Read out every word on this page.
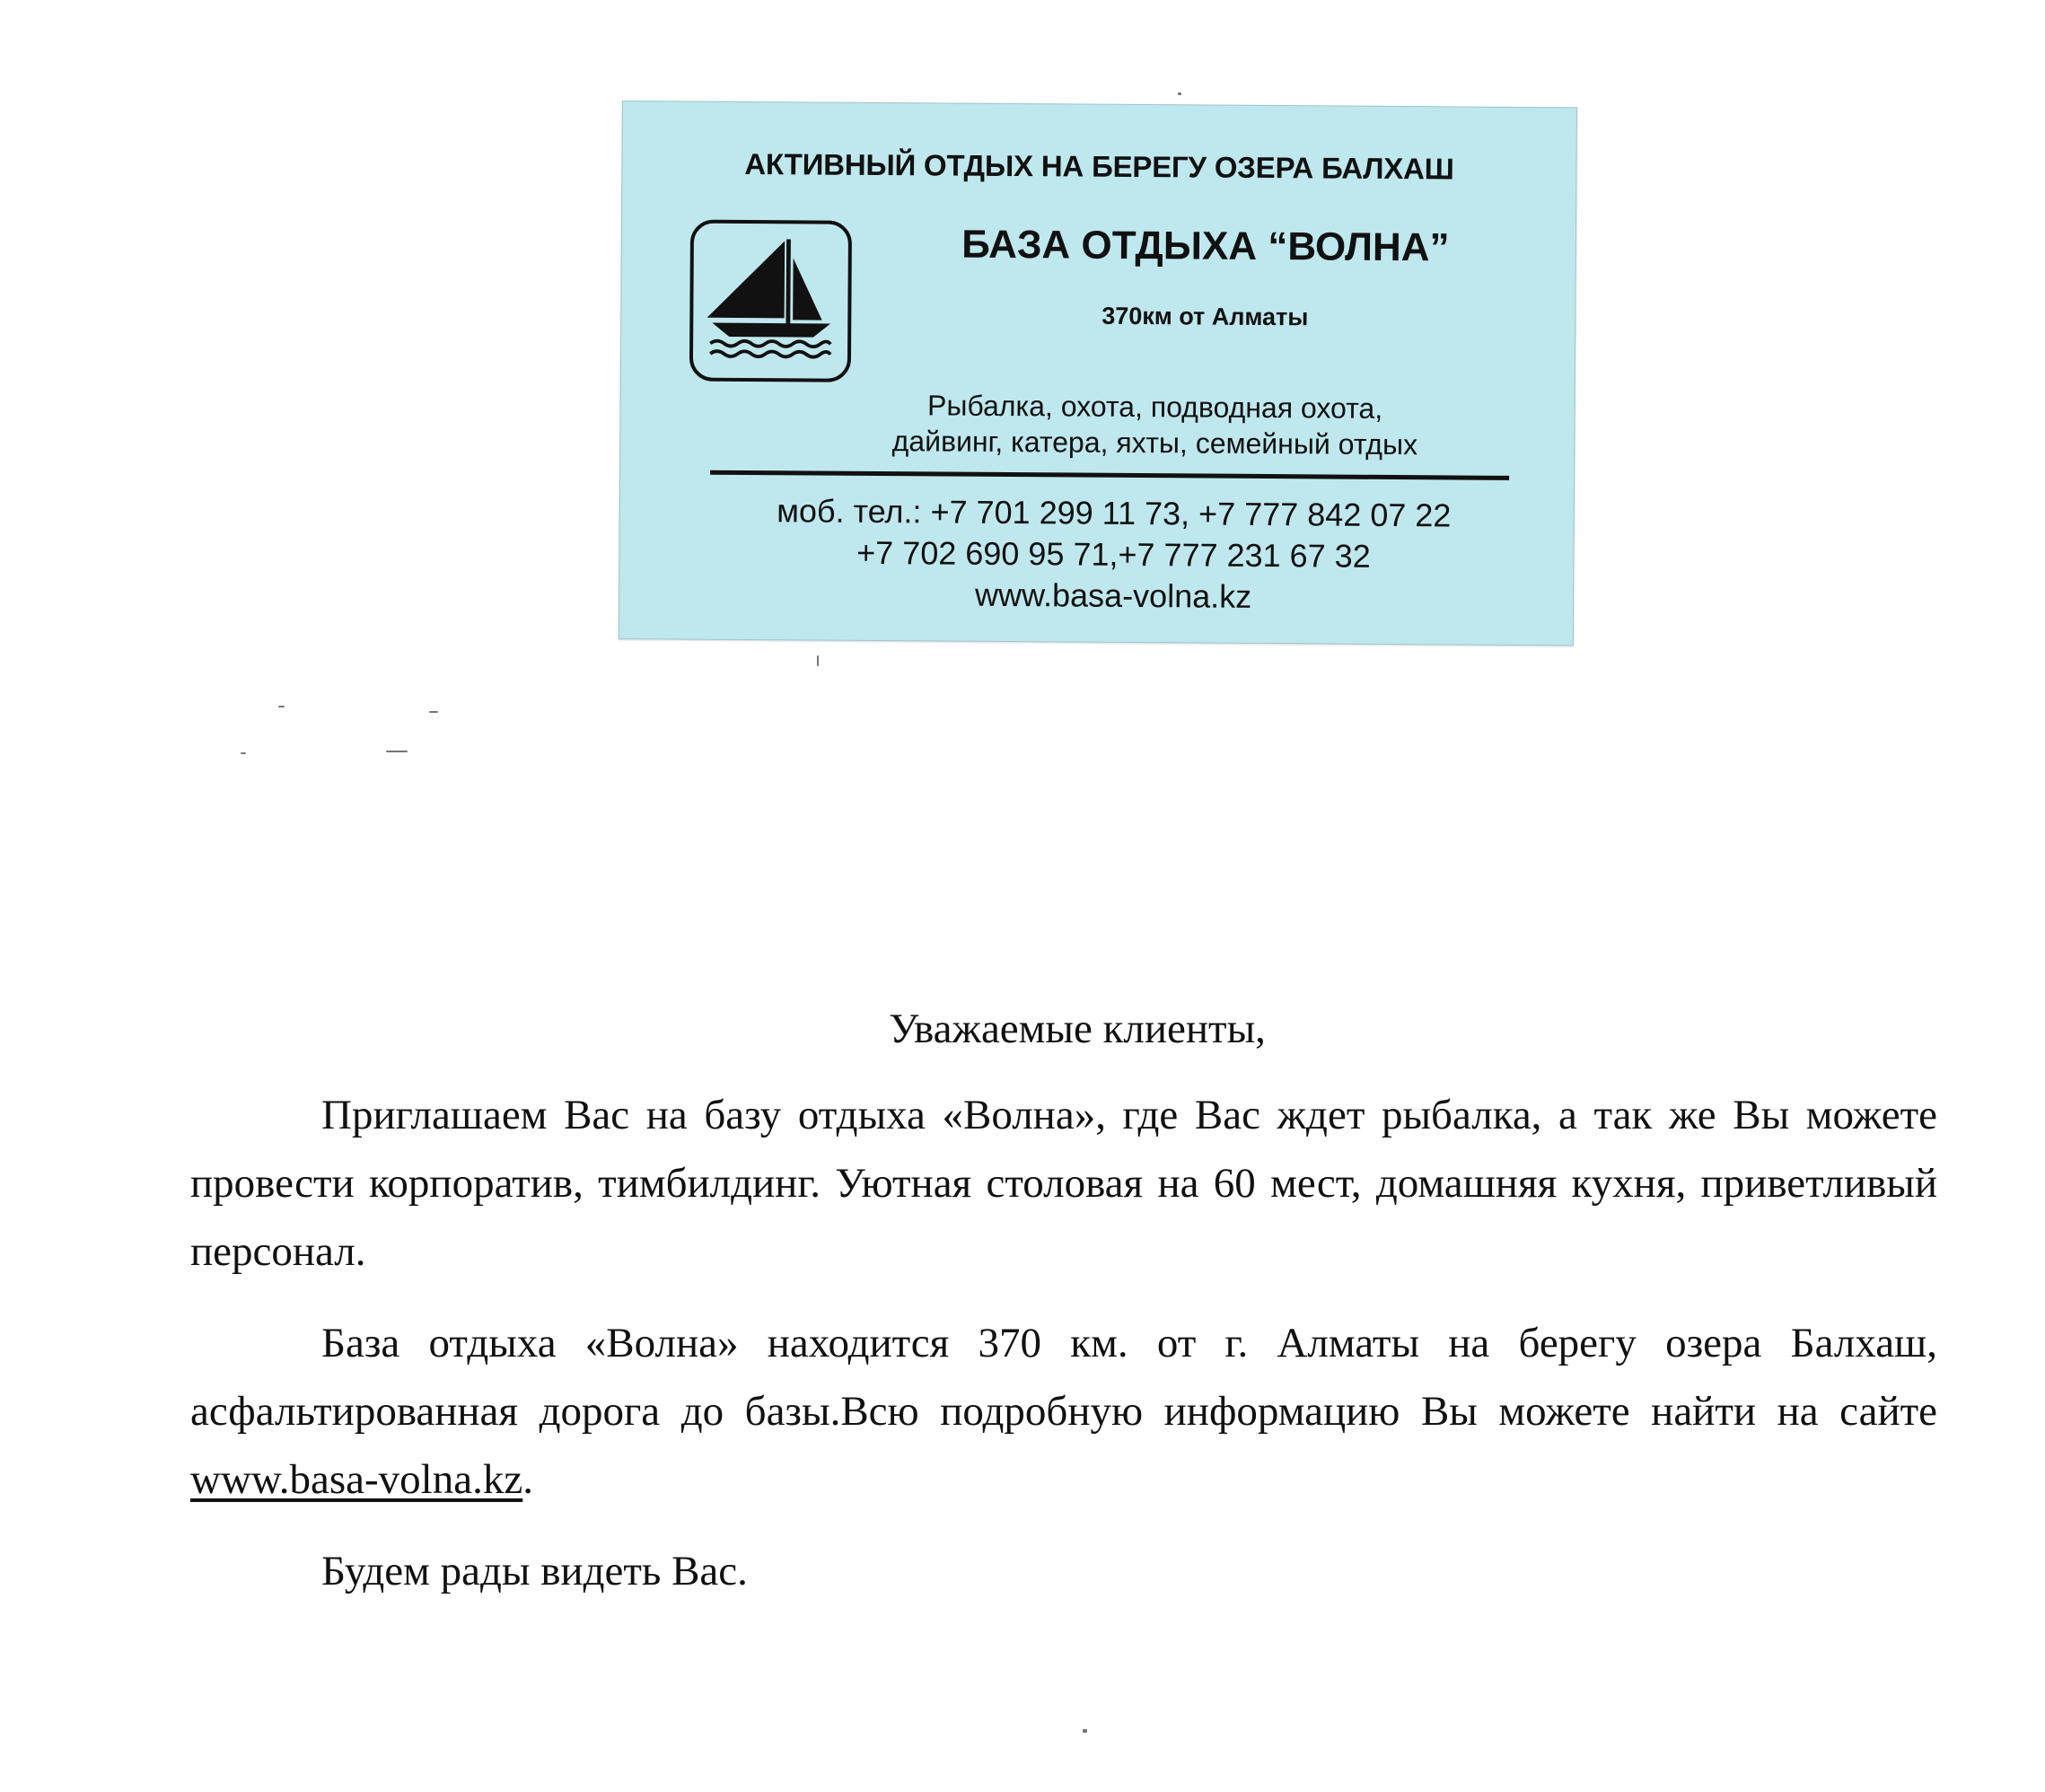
АКТИВНЫЙ ОТДЫХ НА БЕРЕГУ ОЗЕРА БАЛХАШ
БАЗА ОТДЫХА “ВОЛНА”
370км от Алматы
Рыбалка, охота, подводная охота,
дайвинг, катера, яхты, семейный отдых
моб. тел.: +7 701 299 11 73, +7 777 842 07 22
+7 702 690 95 71,+7 777 231 67 32
www.basa-volna.kz

Уважаемые клиенты,

Приглашаем Вас на базу отдыха «Волна», где Вас ждет рыбалка, а так же Вы можете провести корпоратив, тимбилдинг. Уютная столовая на 60 мест, домашняя кухня, приветливый персонал.

База отдыха «Волна» находится 370 км. от г. Алматы на берегу озера Балхаш, асфальтированная дорога до базы.Всю подробную информацию Вы можете найти на сайте www.basa-volna.kz.

Будем рады видеть Вас.
